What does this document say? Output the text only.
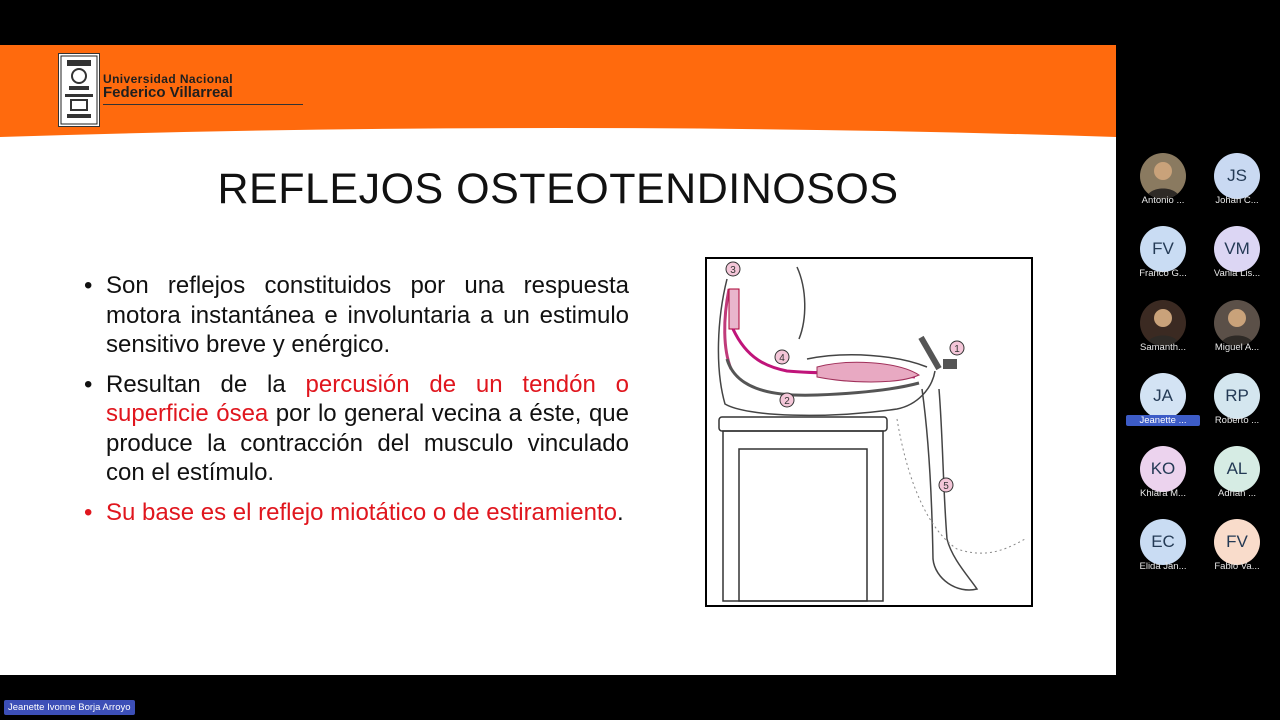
Universidad Nacional
Federico Villarreal
REFLEJOS OSTEOTENDINOSOS
• Son reflejos constituidos por una respuesta motora instantánea e involuntaria a un estimulo sensitivo breve y enérgico.
• Resultan de la percusión de un tendón o superficie ósea por lo general vecina a éste, que produce la contracción del musculo vinculado con el estímulo.
• Su base es el reflejo miotático o de estiramiento.
3
4
1
2
5
Antonio ...
JS
Johan C...
FV
Franco G...
VM
Vania Lis...
Samanth...	Miguel A...
JA
Jeanette ...
RP
Roberto ...
KO
Khiara M...
AL
Adrian ...
EC
Elida Jan...
FV
Fabio Va...
Jeanette Ivonne Borja Arroyo
